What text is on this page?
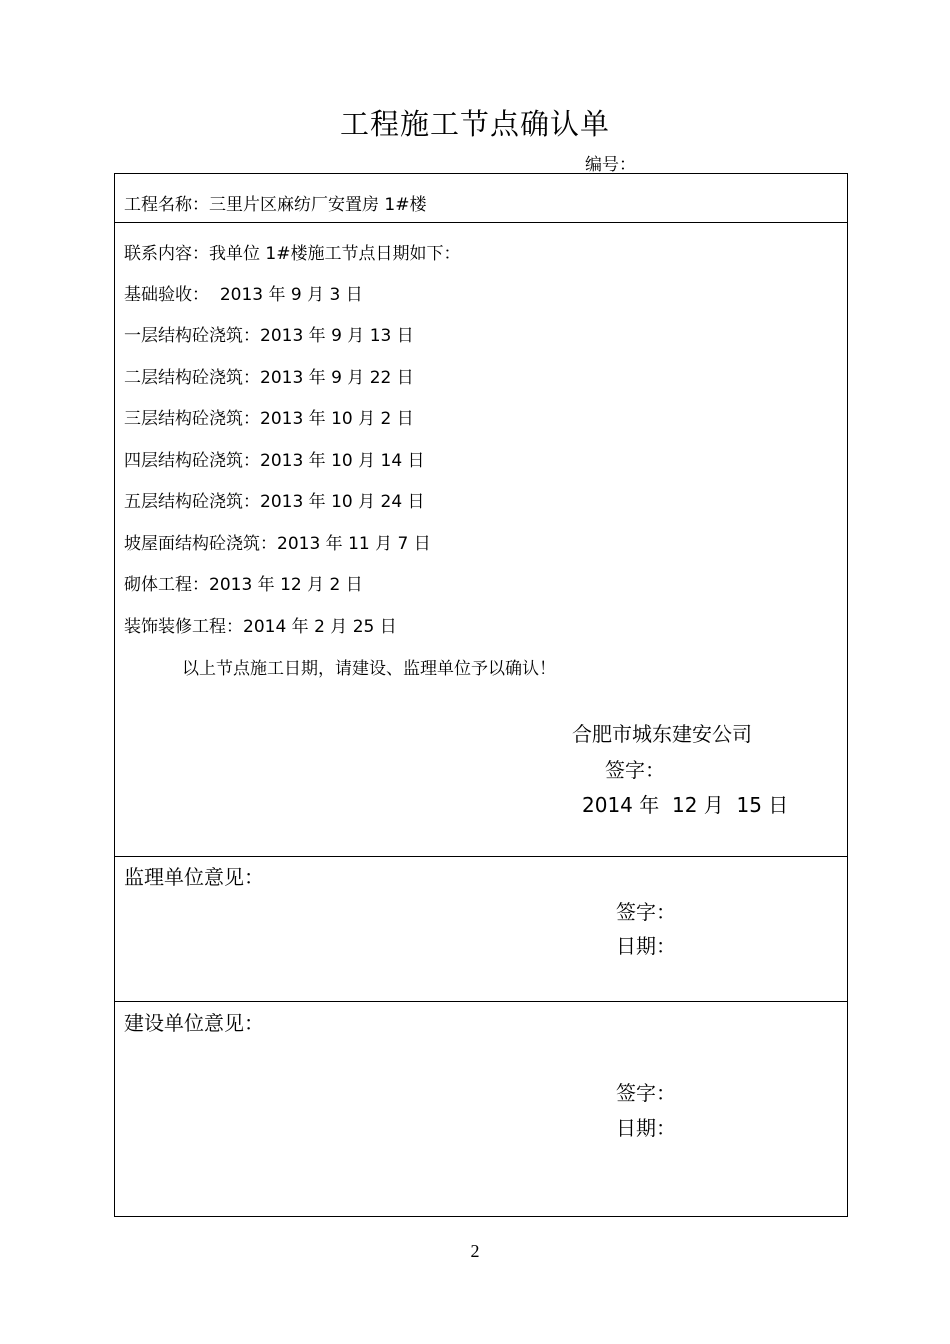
工程施工节点确认单
编号：
工程名称：三里片区麻纺厂安置房 1#楼
联系内容：我单位 1#楼施工节点日期如下：
基础验收： 2013 年 9 月 3 日
一层结构砼浇筑：2013 年 9 月 13 日
二层结构砼浇筑：2013 年 9 月 22 日
三层结构砼浇筑：2013 年 10 月 2 日
四层结构砼浇筑：2013 年 10 月 14 日
五层结构砼浇筑：2013 年 10 月 24 日
坡屋面结构砼浇筑：2013 年 11 月 7 日
砌体工程：2013 年 12 月 2 日
装饰装修工程：2014 年 2 月 25 日
以上节点施工日期，请建设、监理单位予以确认！
合肥市城东建安公司
签字：
2014 年  12 月  15 日
监理单位意见：
签字：
日期：
建设单位意见：
签字：
日期：
2
